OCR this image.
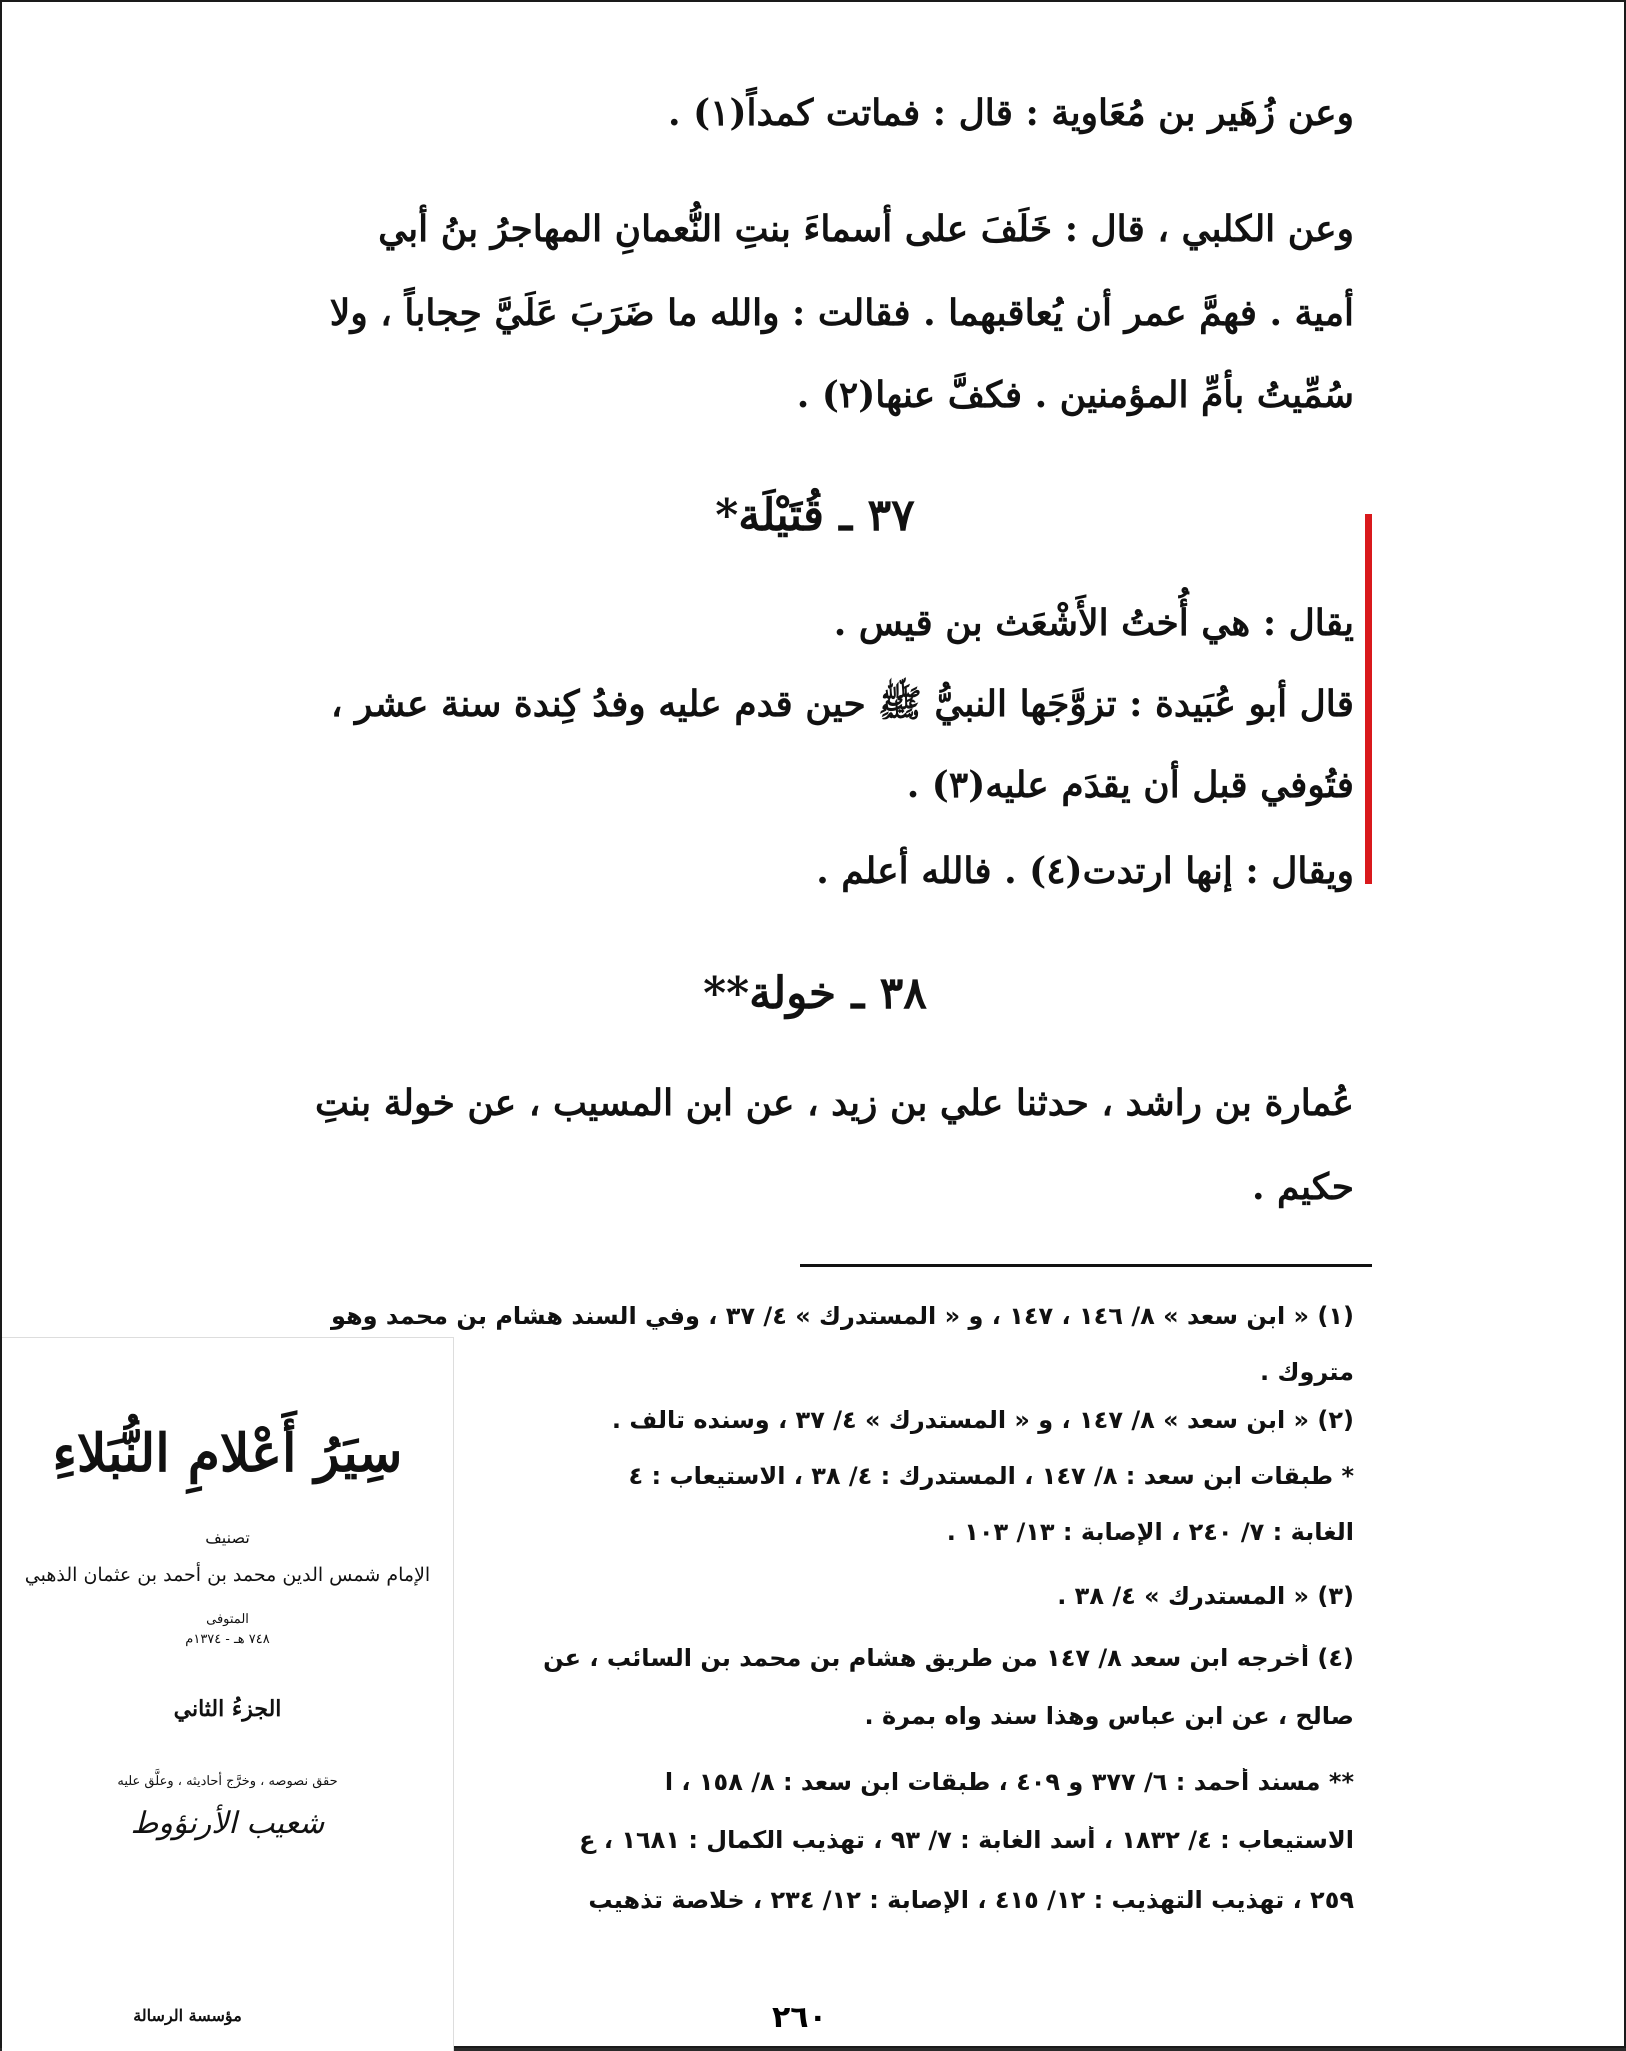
وعن زُهَير بن مُعَاوية : قال : فماتت كمداً(١) .
وعن الكلبي ، قال : خَلَفَ على أسماءَ بنتِ النُّعمانِ المهاجرُ بنُ أبي
أمية . فهمَّ عمر أن يُعاقبهما . فقالت : والله ما ضَرَبَ عَلَيَّ حِجاباً ، ولا
سُمِّيتُ بأمِّ المؤمنين . فكفَّ عنها(٢) .
٣٧ ـ قُتَيْلَة*
يقال : هي أُختُ الأَشْعَث بن قيس .
قال أبو عُبَيدة : تزوَّجَها النبيُّ ﷺ حين قدم عليه وفدُ كِندة سنة عشر ،
فتُوفي قبل أن يقدَم عليه(٣) .
ويقال : إنها ارتدت(٤) . فالله أعلم .
٣٨ ـ خولة**
عُمارة بن راشد ، حدثنا علي بن زيد ، عن ابن المسيب ، عن خولة بنتِ
حكيم .
(١) « ابن سعد » ٨/ ١٤٦ ، ١٤٧ ، و « المستدرك » ٤/ ٣٧ ، وفي السند هشام بن محمد وهو
متروك .
(٢) « ابن سعد » ٨/ ١٤٧ ، و « المستدرك » ٤/ ٣٧ ، وسنده تالف .
* طبقات ابن سعد : ٨/ ١٤٧ ، المستدرك : ٤/ ٣٨ ، الاستيعاب : ٤
الغابة : ٧/ ٢٤٠ ، الإصابة : ١٣/ ١٠٣ .
(٣) « المستدرك » ٤/ ٣٨ .
(٤) أخرجه ابن سعد ٨/ ١٤٧ من طريق هشام بن محمد بن السائب ، عن
صالح ، عن ابن عباس وهذا سند واه بمرة .
** مسند أحمد : ٦/ ٣٧٧ و ٤٠٩ ، طبقات ابن سعد : ٨/ ١٥٨ ، ا
الاستيعاب : ٤/ ١٨٣٢ ، أسد الغابة : ٧/ ٩٣ ، تهذيب الكمال : ١٦٨١ ، ع
٢٥٩ ، تهذيب التهذيب : ١٢/ ٤١٥ ، الإصابة : ١٢/ ٢٣٤ ، خلاصة تذهيب
٢٦٠
سِيَرُ أَعْلامِ النُّبَلاءِ
تصنيف
الإمام شمس الدين محمد بن أحمد بن عثمان الذهبي
المتوفى
٧٤٨ هـ - ١٣٧٤م
الجزءُ الثاني
حقق نصوصه ، وخرَّج أحاديثه ، وعلَّق عليه
شعيب الأرنؤوط
مؤسسة الرسالة
